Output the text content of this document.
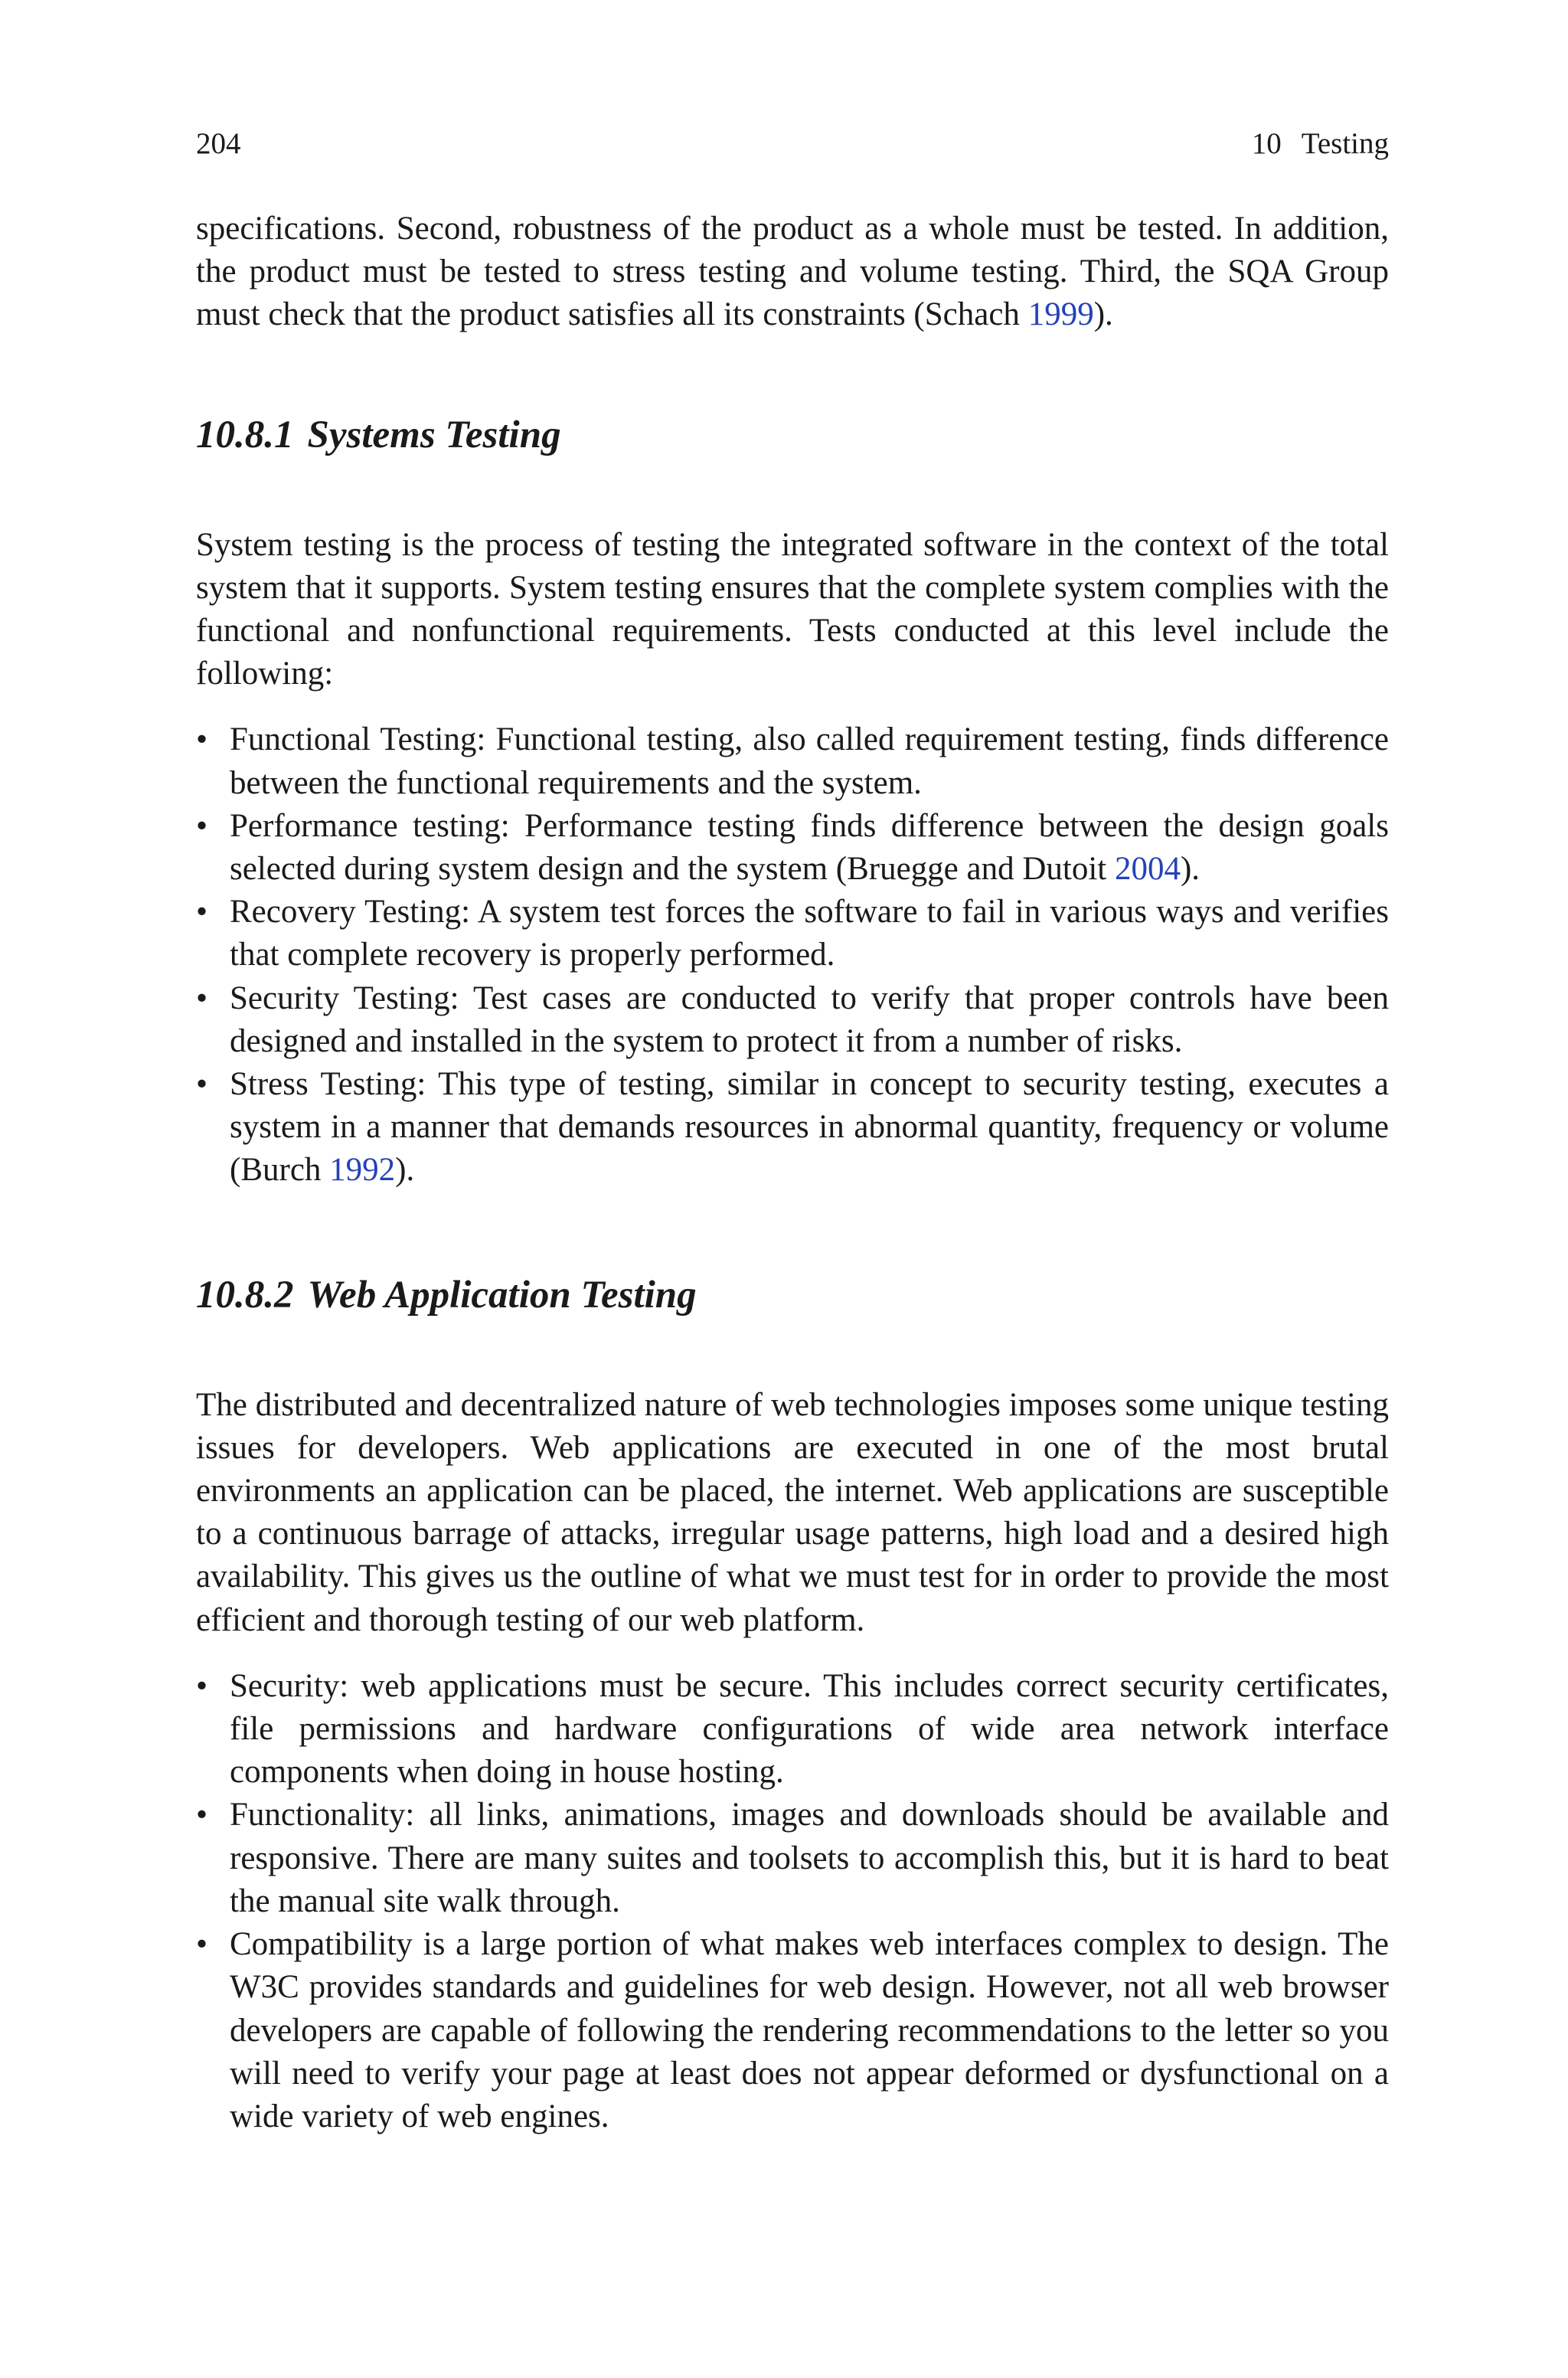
204	10 Testing

specifications. Second, robustness of the product as a whole must be tested. In addition, the product must be tested to stress testing and volume testing. Third, the SQA Group must check that the product satisfies all its constraints (Schach 1999).

10.8.1 Systems Testing

System testing is the process of testing the integrated software in the context of the total system that it supports. System testing ensures that the complete system complies with the functional and nonfunctional requirements. Tests conducted at this level include the following:

• Functional Testing: Functional testing, also called requirement testing, finds difference between the functional requirements and the system.
• Performance testing: Performance testing finds difference between the design goals selected during system design and the system (Bruegge and Dutoit 2004).
• Recovery Testing: A system test forces the software to fail in various ways and verifies that complete recovery is properly performed.
• Security Testing: Test cases are conducted to verify that proper controls have been designed and installed in the system to protect it from a number of risks.
• Stress Testing: This type of testing, similar in concept to security testing, executes a system in a manner that demands resources in abnormal quantity, frequency or volume (Burch 1992).
10.8.2 Web Application Testing

The distributed and decentralized nature of web technologies imposes some unique testing issues for developers. Web applications are executed in one of the most brutal environments an application can be placed, the internet. Web applications are susceptible to a continuous barrage of attacks, irregular usage patterns, high load and a desired high availability. This gives us the outline of what we must test for in order to provide the most efficient and thorough testing of our web platform.

• Security: web applications must be secure. This includes correct security certificates, file permissions and hardware configurations of wide area network interface components when doing in house hosting.
• Functionality: all links, animations, images and downloads should be available and responsive. There are many suites and toolsets to accomplish this, but it is hard to beat the manual site walk through.
• Compatibility is a large portion of what makes web interfaces complex to design. The W3C provides standards and guidelines for web design. However, not all web browser developers are capable of following the rendering recommendations to the letter so you will need to verify your page at least does not appear deformed or dysfunctional on a wide variety of web engines.
